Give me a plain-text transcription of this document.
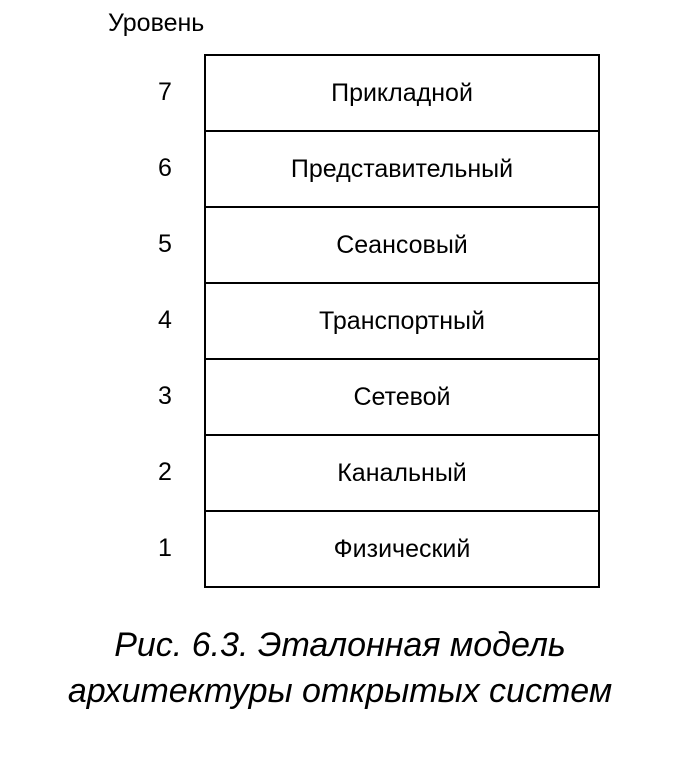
Уровень
7
6
5
4
3
2
1
Прикладной
Представительный
Сеансовый
Транспортный
Сетевой
Канальный
Физический
Рис. 6.3. Эталонная модель
архитектуры открытых систем
